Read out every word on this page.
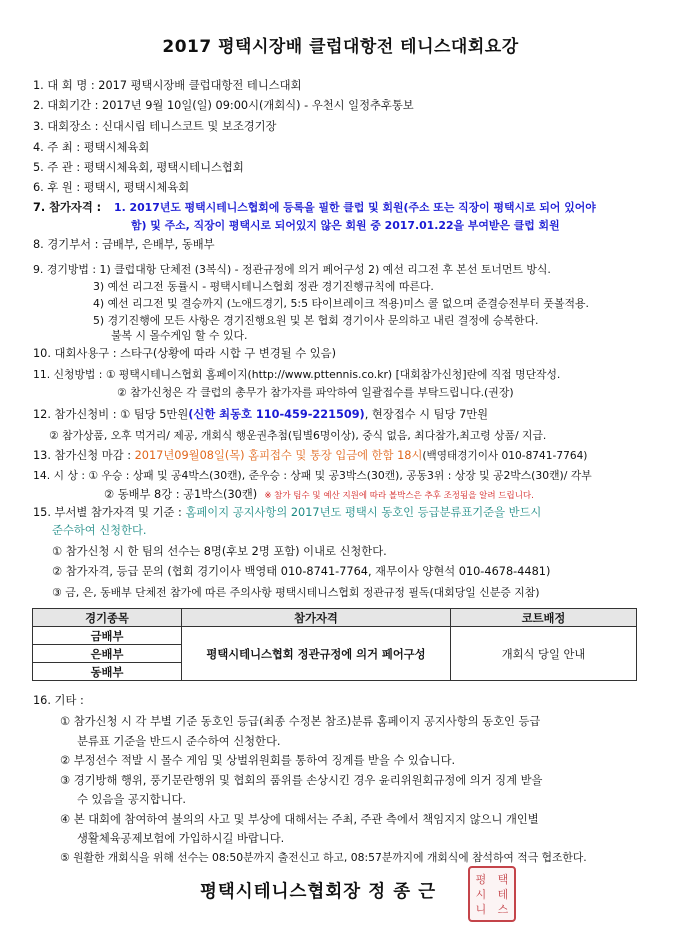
2017 평택시장배 클럽대항전 테니스대회요강
1. 대 회 명 : 2017 평택시장배 클럽대항전 테니스대회
2. 대회기간 : 2017년 9월 10일(일) 09:00시(개회식) - 우천시 일정추후통보
3. 대회장소 : 신대시립 테니스코트 및 보조경기장
4. 주 최 : 평택시체육회
5. 주 관 : 평택시체육회, 평택시테니스협회
6. 후 원 : 평택시, 평택시체육회
7. 참가자격 : 1. 2017년도 평택시테니스협회에 등록을 필한 클럽 및 회원(주소 또는 직장이 평택시로 되어 있어야
함) 및 주소, 직장이 평택시로 되어있지 않은 회원 중 2017.01.22을 부여받은 클럽 회원
8. 경기부서 : 금배부, 은배부, 동배부
9. 경기방법 : 1) 클럽대항 단체전 (3복식) - 정관규정에 의거 페어구성 2) 예선 리그전 후 본선 토너먼트 방식.
3) 예선 리그전 동률시 - 평택시테니스협회 정관 경기진행규칙에 따른다.
4) 예선 리그전 및 결승까지 (노애드경기, 5:5 타이브레이크 적용)미스 콜 없으며 준결승전부터 풋볼적용.
5) 경기진행에 모든 사항은 경기진행요원 및 본 협회 경기이사 문의하고 내린 결정에 승복한다.
불복 시 몰수게임 할 수 있다.
10. 대회사용구 : 스타구(상황에 따라 시합 구 변경될 수 있음)
11. 신청방법 : ① 평택시테니스협회 홈페이지(http://www.pttennis.co.kr) [대회참가신청]란에 직접 명단작성.
② 참가신청은 각 클럽의 총무가 참가자를 파악하여 일괄접수를 부탁드립니다.(권장)
12. 참가신청비 : ① 팀당 5만원(신한 최동호 110-459-221509), 현장접수 시 팀당 7만원
② 참가상품, 오후 먹거리/ 제공, 개회식 행운권추첨(팀별6명이상), 중식 없음, 최다참가,최고령 상품/ 지급.
13. 참가신청 마감 : 2017년09월08일(목) 홈피접수 및 통장 입금에 한함 18시(백영태경기이사 010-8741-7764)
14. 시 상 : ① 우승 : 상패 및 공4박스(30캔), 준우승 : 상패 및 공3박스(30캔), 공동3위 : 상장 및 공2박스(30캔)/ 각부
② 동배부 8강 : 공1박스(30캔) ※ 참가 팀수 및 예산 지원에 따라 볼박스은 추후 조정됨을 알려 드립니다.
15. 부서별 참가자격 및 기준 : 홈페이지 공지사항의 2017년도 평택시 동호인 등급분류표기준을 반드시
준수하여 신청한다.
① 참가신청 시 한 팀의 선수는 8명(후보 2명 포함) 이내로 신청한다.
② 참가자격, 등급 문의 (협회 경기이사 백영태 010-8741-7764, 재무이사 양현석 010-4678-4481)
③ 금, 은, 동배부 단체전 참가에 따른 주의사항 평택시테니스협회 정관규정 필독(대회당일 신분증 지참)
경기종목	참가자격	코트배정
금배부	평택시테니스협회 정관규정에 의거 페어구성	개회식 당일 안내
은배부		
동배부		
16. 기타 :
① 참가신청 시 각 부별 기준 동호인 등급(최종 수정본 참조)분류 홈페이지 공지사항의 동호인 등급
분류표 기준을 반드시 준수하여 신청한다.
② 부정선수 적발 시 몰수 게임 및 상벌위원회를 통하여 징계를 받을 수 있습니다.
③ 경기방해 행위, 풍기문란행위 및 협회의 품위를 손상시킨 경우 윤리위원회규정에 의거 징계 받을
수 있음을 공지합니다.
④ 본 대회에 참여하여 불의의 사고 및 부상에 대해서는 주최, 주관 측에서 책임지지 않으니 개인별
생활체육공제보험에 가입하시길 바랍니다.
⑤ 원활한 개회식을 위해 선수는 08:50분까지 출전신고 하고, 08:57분까지에 개회식에 참석하여 적극 협조한다.
평택시테니스협회장 정 종 근
평 택
시 테
니 스
